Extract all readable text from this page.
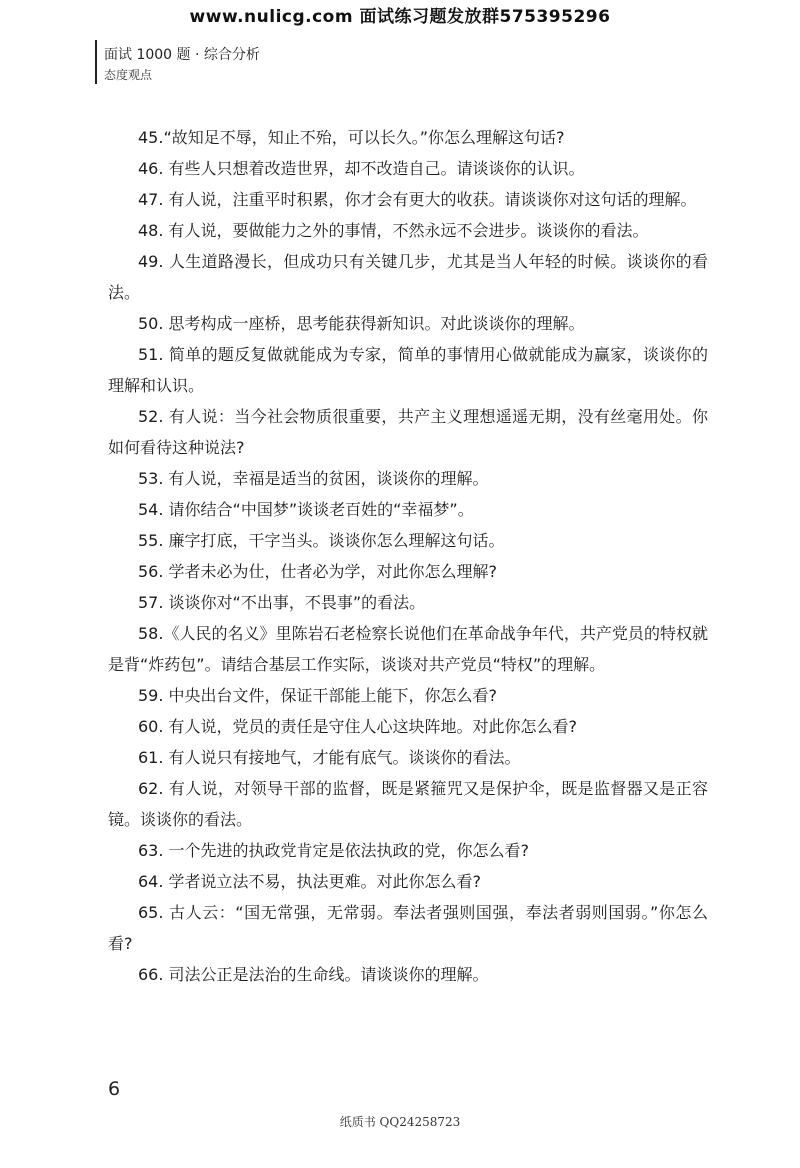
www.nulicg.com 面试练习题发放群575395296
面试 1000 题 · 综合分析
态度观点

45.“故知足不辱，知止不殆，可以长久。”你怎么理解这句话?

46. 有些人只想着改造世界，却不改造自己。请谈谈你的认识。

47. 有人说，注重平时积累，你才会有更大的收获。请谈谈你对这句话的理解。

48. 有人说，要做能力之外的事情，不然永远不会进步。谈谈你的看法。

49. 人生道路漫长，但成功只有关键几步，尤其是当人年轻的时候。谈谈你的看法。

50. 思考构成一座桥，思考能获得新知识。对此谈谈你的理解。

51. 简单的题反复做就能成为专家，简单的事情用心做就能成为赢家，谈谈你的理解和认识。

52. 有人说：当今社会物质很重要，共产主义理想遥遥无期，没有丝毫用处。你如何看待这种说法?

53. 有人说，幸福是适当的贫困，谈谈你的理解。

54. 请你结合“中国梦”谈谈老百姓的“幸福梦”。

55. 廉字打底，干字当头。谈谈你怎么理解这句话。

56. 学者未必为仕，仕者必为学，对此你怎么理解?

57. 谈谈你对“不出事，不畏事”的看法。

58.《人民的名义》里陈岩石老检察长说他们在革命战争年代，共产党员的特权就是背“炸药包”。请结合基层工作实际，谈谈对共产党员“特权”的理解。

59. 中央出台文件，保证干部能上能下，你怎么看?

60. 有人说，党员的责任是守住人心这块阵地。对此你怎么看?

61. 有人说只有接地气，才能有底气。谈谈你的看法。

62. 有人说，对领导干部的监督，既是紧箍咒又是保护伞，既是监督器又是正容镜。谈谈你的看法。

63. 一个先进的执政党肯定是依法执政的党，你怎么看?

64. 学者说立法不易，执法更难。对此你怎么看?

65. 古人云：“国无常强，无常弱。奉法者强则国强，奉法者弱则国弱。”你怎么看?

66. 司法公正是法治的生命线。请谈谈你的理解。

6
纸质书 QQ24258723
